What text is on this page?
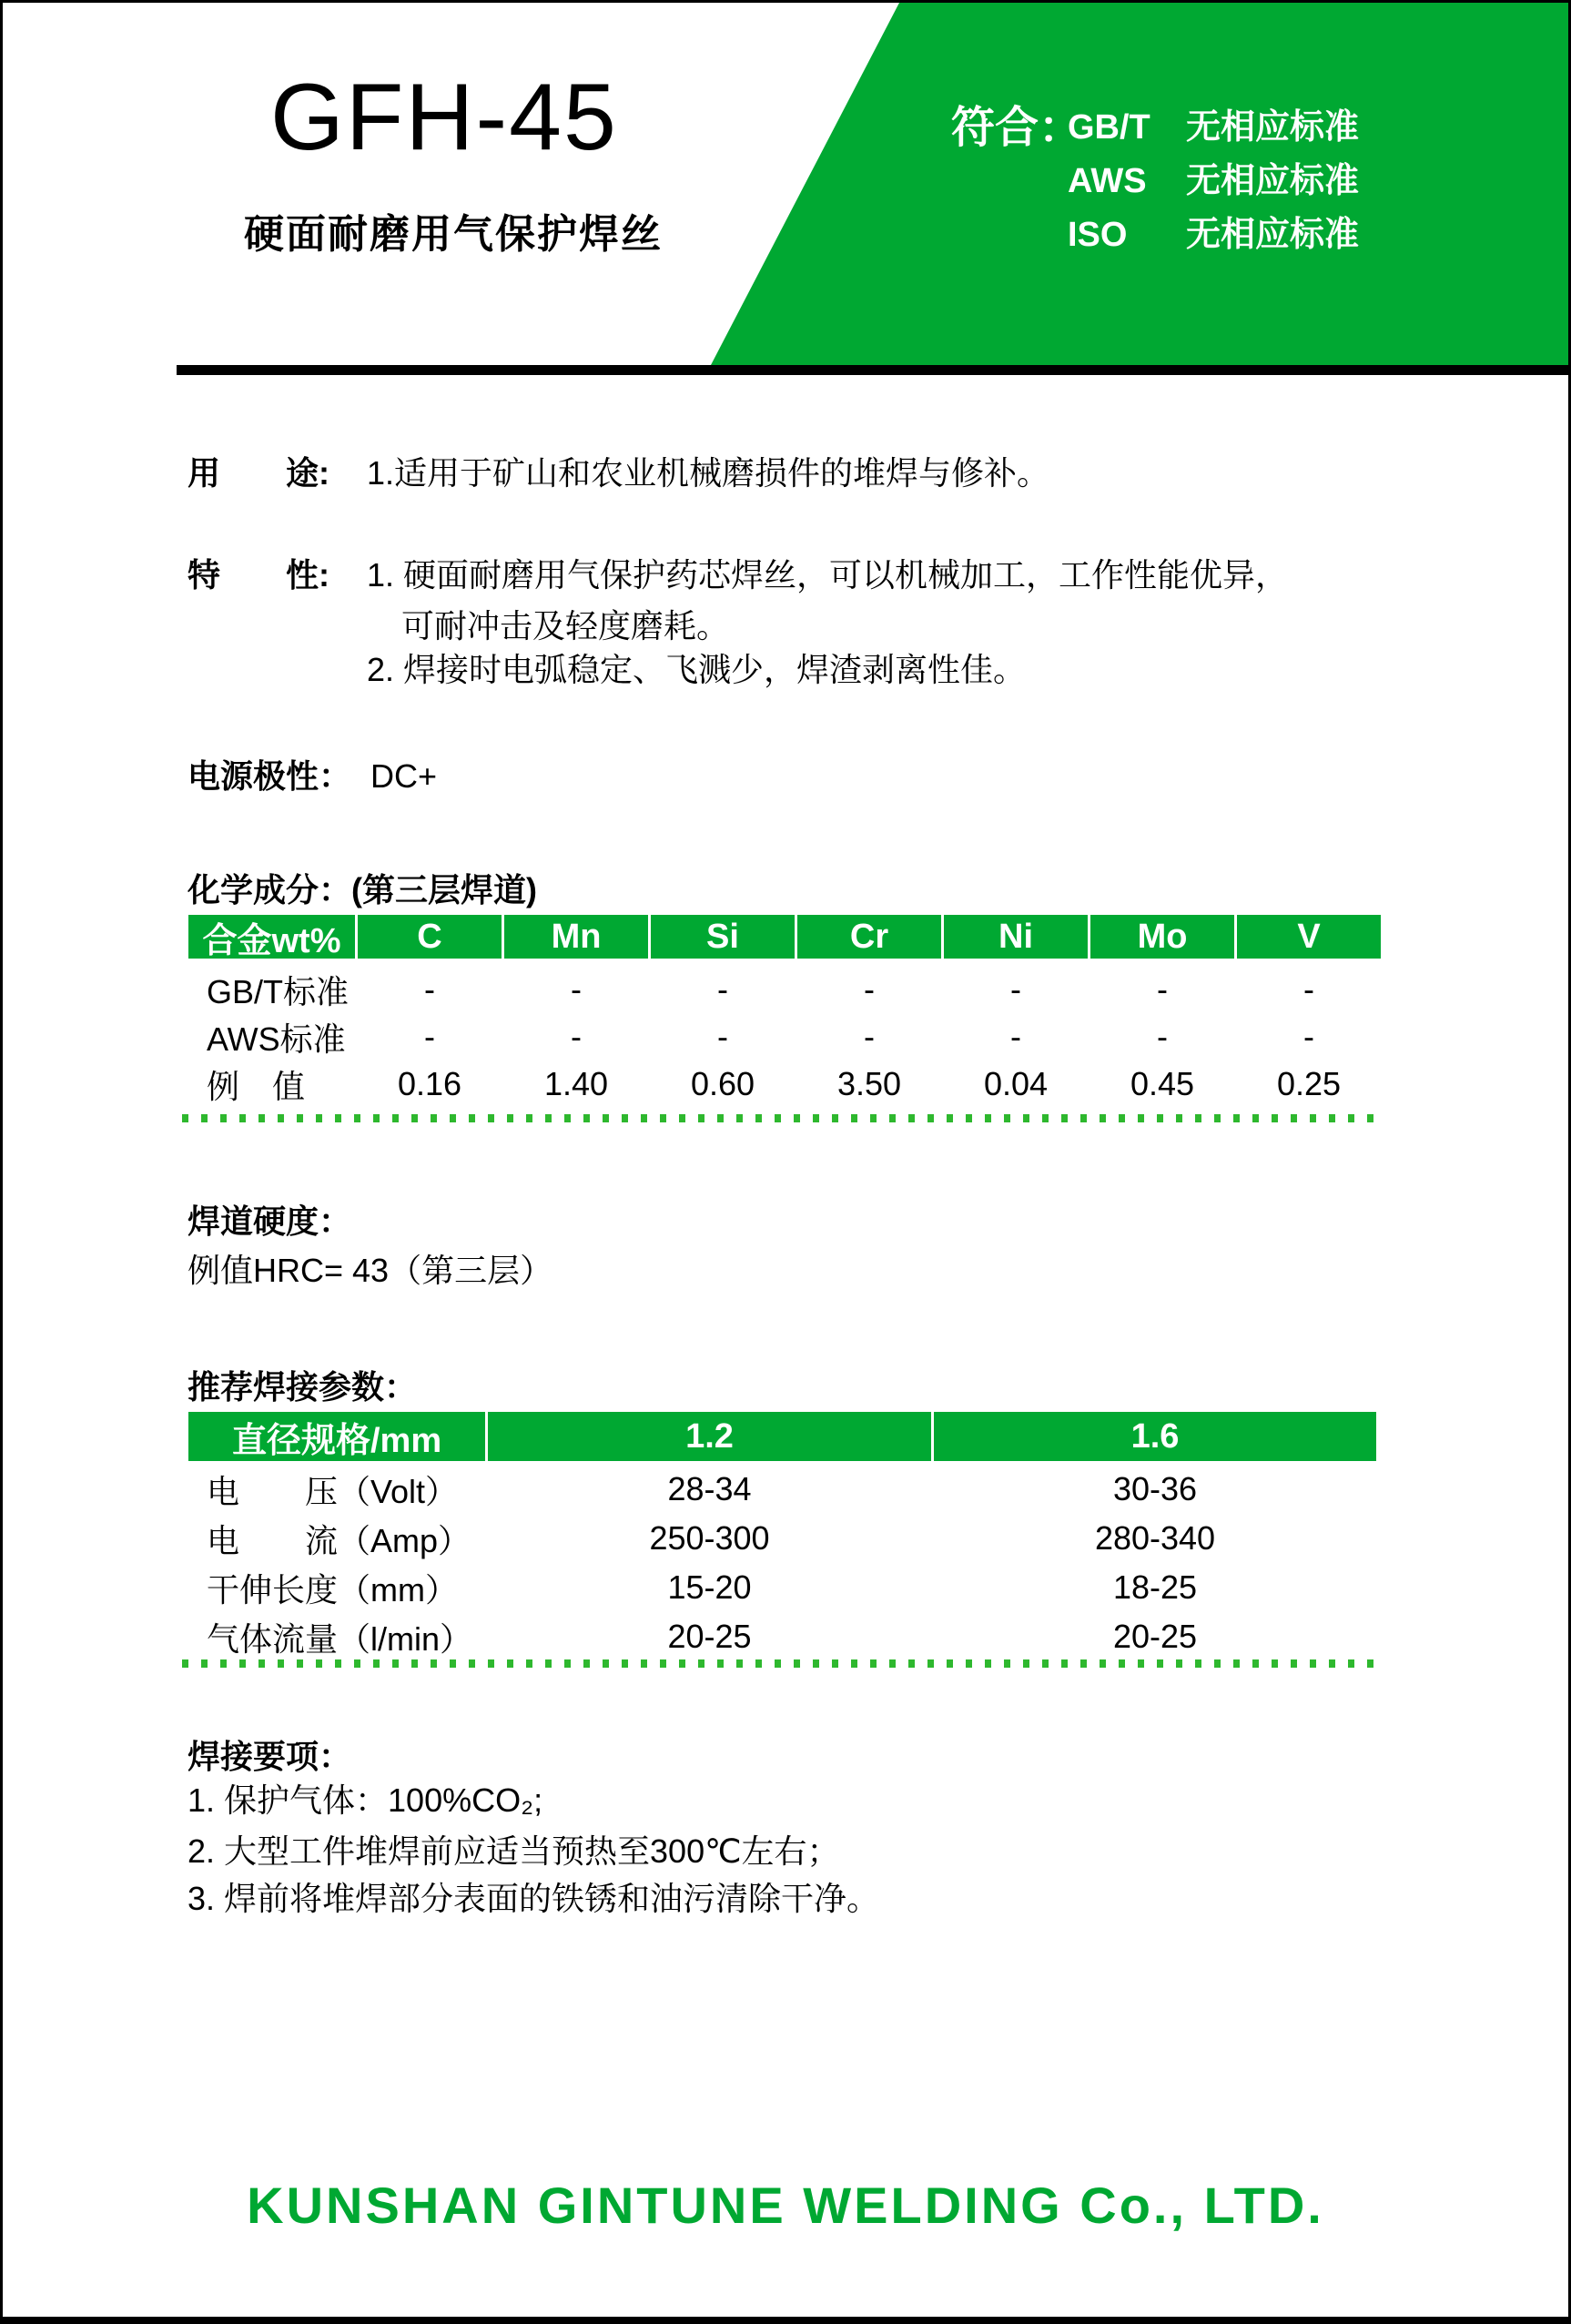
GFH-45
硬面耐磨用气保护焊丝
符合：
GB/T	无相应标准
AWS	无相应标准
ISO	无相应标准
用　　途: 1.适用于矿山和农业机械磨损件的堆焊与修补。
特　　性: 1. 硬面耐磨用气保护药芯焊丝，可以机械加工，工作性能优异，
可耐冲击及轻度磨耗。
2. 焊接时电弧稳定、飞溅少，焊渣剥离性佳。
电源极性： DC+
化学成分：(第三层焊道)
合金wt%	C	Mn	Si	Cr	Ni	Mo	V
GB/T标准	-	-	-	-	-	-	-
AWS标准	-	-	-	-	-	-	-
例　值	0.16	1.40	0.60	3.50	0.04	0.45	0.25
焊道硬度：
例值HRC= 43（第三层）
推荐焊接参数：
直径规格/mm	1.2	1.6
电　　压（Volt）	28-34	30-36
电　　流（Amp）	250-300	280-340
干伸长度（mm）	15-20	18-25
气体流量（l/min）	20-25	20-25
焊接要项：
1. 保护气体：100%CO₂;
2. 大型工件堆焊前应适当预热至300℃左右；
3. 焊前将堆焊部分表面的铁锈和油污清除干净。
KUNSHAN GINTUNE WELDING Co., LTD.
